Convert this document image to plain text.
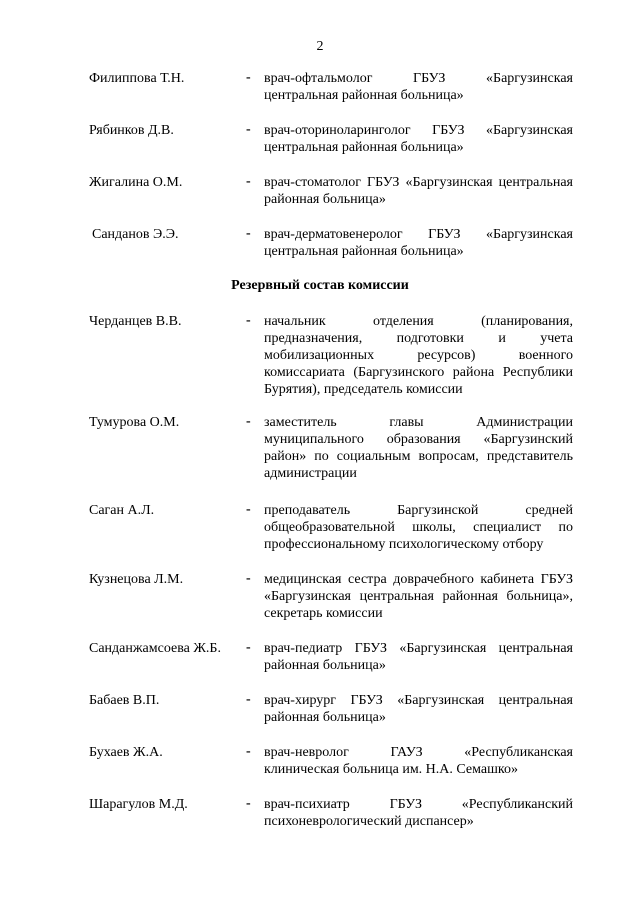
2
Филиппова Т.Н.	- врач-офтальмолог ГБУЗ «Баргузинская центральная районная больница»
Рябинков Д.В.	- врач-оториноларинголог ГБУЗ «Баргузинская центральная районная больница»
Жигалина О.М.	- врач-стоматолог ГБУЗ «Баргузинская центральная районная больница»
Санданов Э.Э.	- врач-дерматовенеролог ГБУЗ «Баргузинская центральная районная больница»
Резервный состав комиссии
Черданцев В.В.	- начальник отделения (планирования, предназначения, подготовки и учета мобилизационных ресурсов) военного комиссариата (Баргузинского района Республики Бурятия), председатель комиссии
Тумурова О.М.	- заместитель главы Администрации муниципального образования «Баргузинский район» по социальным вопросам, представитель администрации
Саган А.Л.	- преподаватель Баргузинской средней общеобразовательной школы, специалист по профессиональному психологическому отбору
Кузнецова Л.М.	- медицинская сестра доврачебного кабинета ГБУЗ «Баргузинская центральная районная больница», секретарь комиссии
Санданжамсоева Ж.Б. - врач-педиатр ГБУЗ «Баргузинская центральная районная больница»
Бабаев В.П.	- врач-хирург ГБУЗ «Баргузинская центральная районная больница»
Бухаев Ж.А.	- врач-невролог ГАУЗ «Республиканская клиническая больница им. Н.А. Семашко»
Шарагулов М.Д.	- врач-психиатр ГБУЗ «Республиканский психоневрологический диспансер»
